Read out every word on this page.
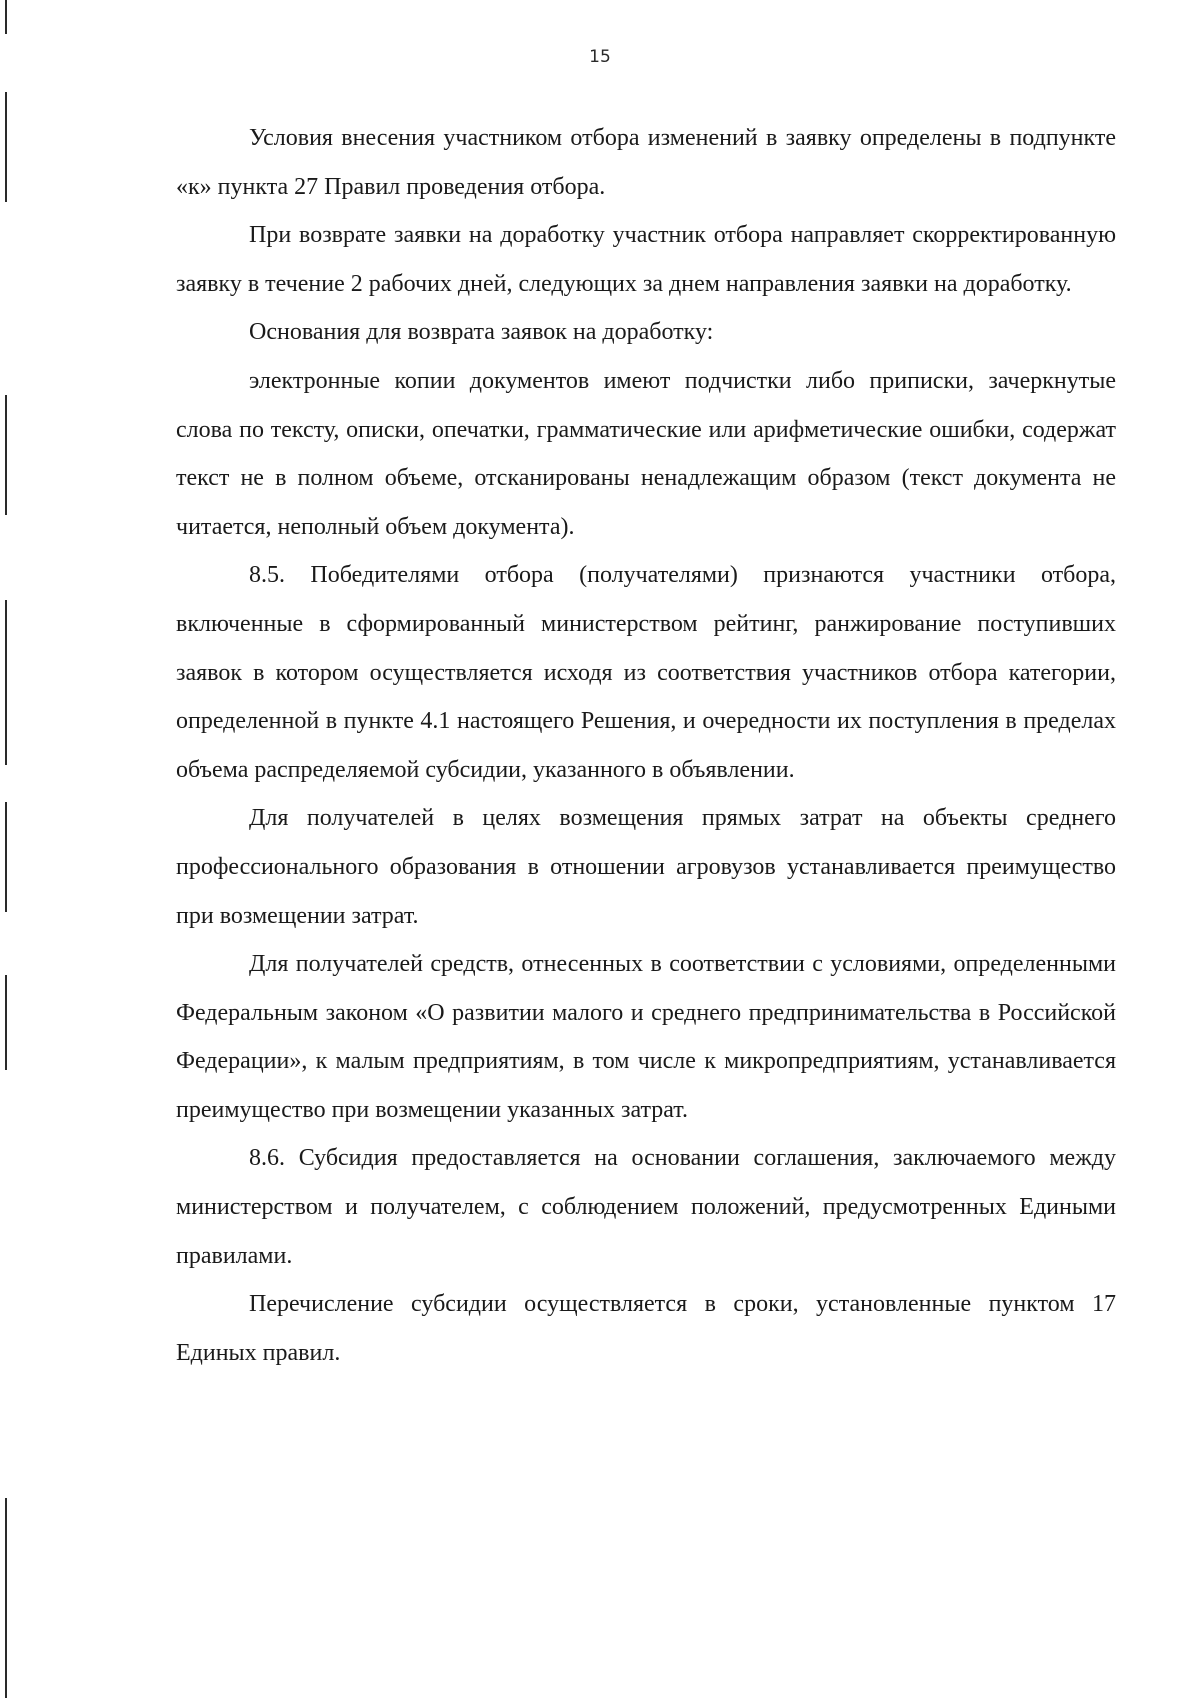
15

Условия внесения участником отбора изменений в заявку определены в подпункте «к» пункта 27 Правил проведения отбора.

При возврате заявки на доработку участник отбора направляет скорректированную заявку в течение 2 рабочих дней, следующих за днем направления заявки на доработку.

Основания для возврата заявок на доработку:

электронные копии документов имеют подчистки либо приписки, зачеркнутые слова по тексту, описки, опечатки, грамматические или арифметические ошибки, содержат текст не в полном объеме, отсканированы ненадлежащим образом (текст документа не читается, неполный объем документа).

8.5. Победителями отбора (получателями) признаются участники отбора, включенные в сформированный министерством рейтинг, ранжирование поступивших заявок в котором осуществляется исходя из соответствия участников отбора категории, определенной в пункте 4.1 настоящего Решения, и очередности их поступления в пределах объема распределяемой субсидии, указанного в объявлении.

Для получателей в целях возмещения прямых затрат на объекты среднего профессионального образования в отношении агровузов устанавливается преимущество при возмещении затрат.

Для получателей средств, отнесенных в соответствии с условиями, определенными Федеральным законом «О развитии малого и среднего предпринимательства в Российской Федерации», к малым предприятиям, в том числе к микропредприятиям, устанавливается преимущество при возмещении указанных затрат.

8.6. Субсидия предоставляется на основании соглашения, заключаемого между министерством и получателем, с соблюдением положений, предусмотренных Едиными правилами.

Перечисление субсидии осуществляется в сроки, установленные пунктом 17 Единых правил.
